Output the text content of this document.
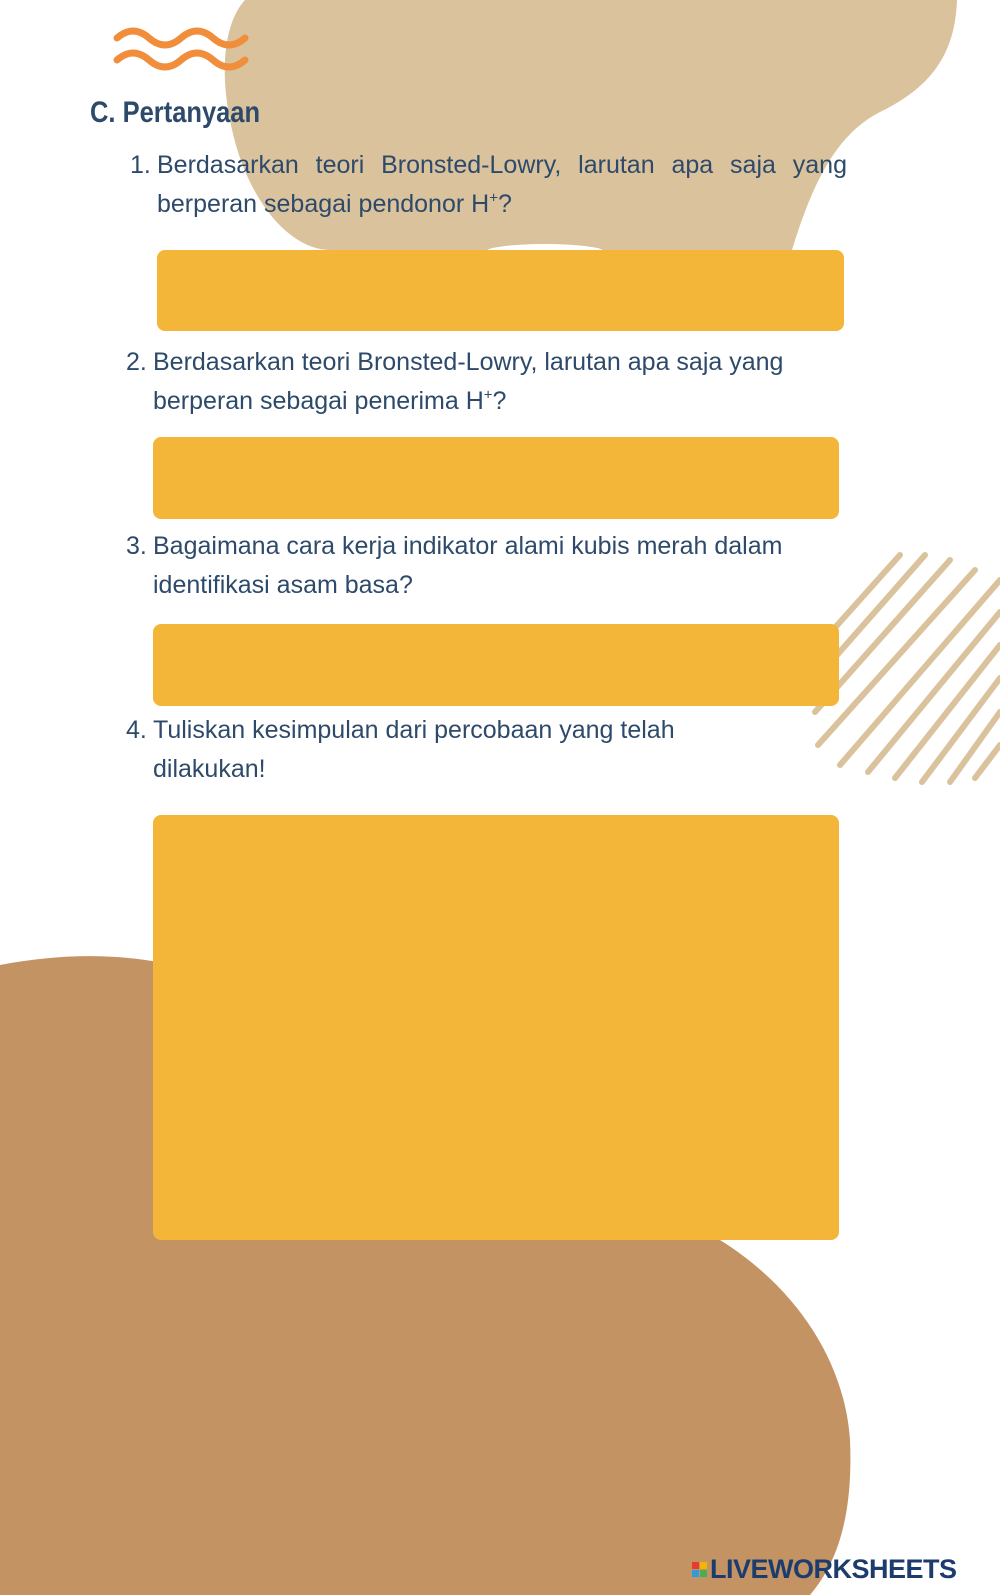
C. Pertanyaan
1. Berdasarkan teori Bronsted-Lowry, larutan apa saja yang berperan sebagai pendonor H+?
2. Berdasarkan teori Bronsted-Lowry, larutan apa saja yang berperan sebagai penerima H+?
3. Bagaimana cara kerja indikator alami kubis merah dalam identifikasi asam basa?
4. Tuliskan kesimpulan dari percobaan yang telah dilakukan!
LIVEWORKSHEETS
